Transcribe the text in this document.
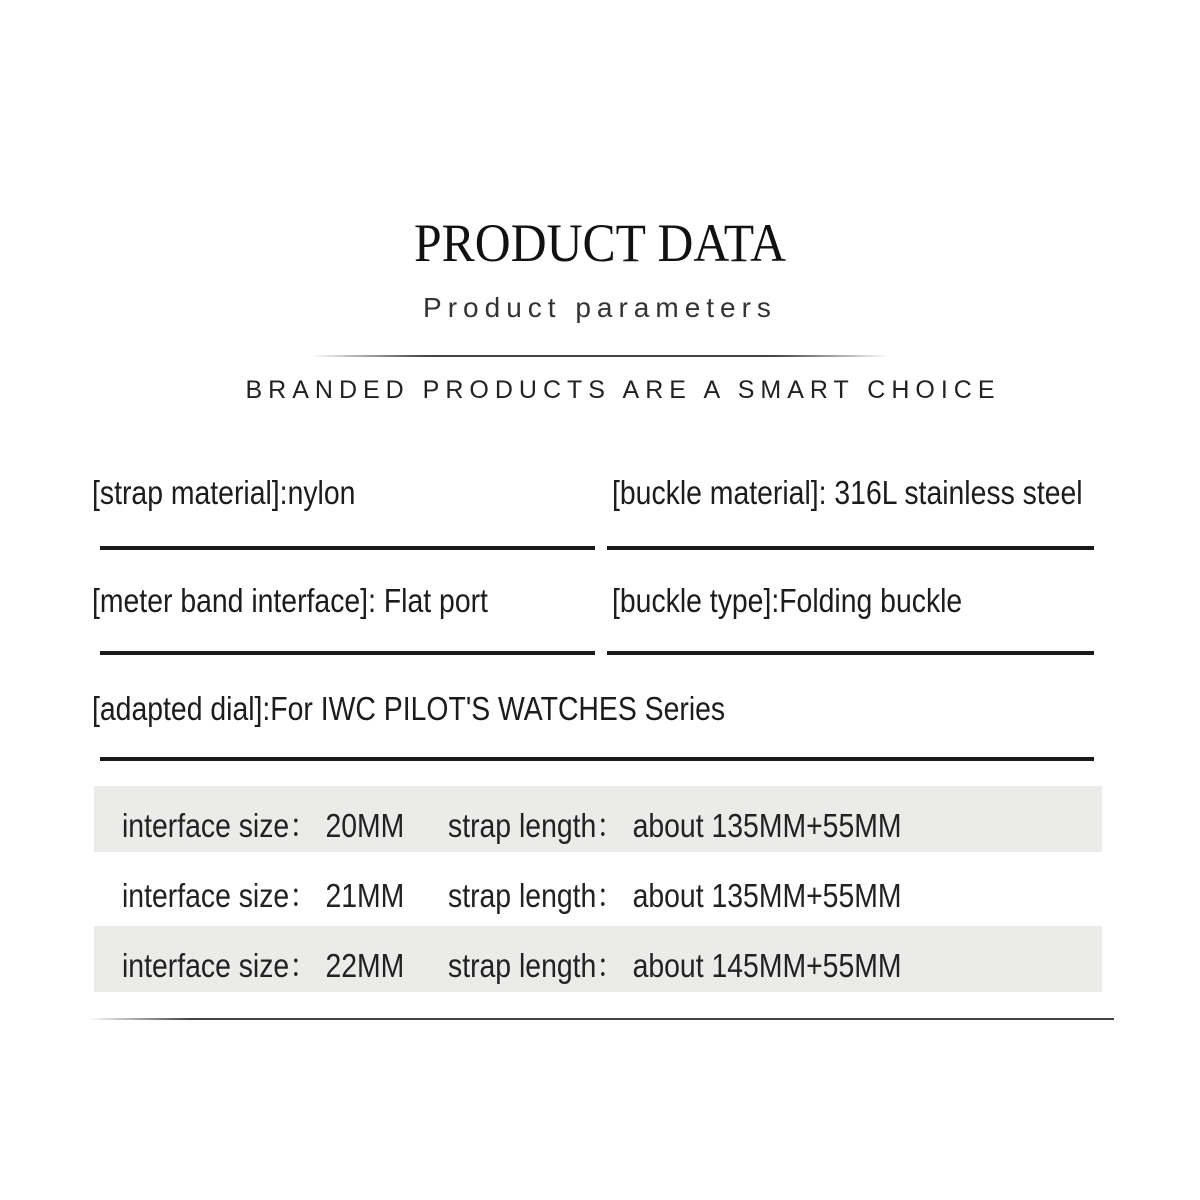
PRODUCT DATA
Product parameters
BRANDED PRODUCTS ARE A SMART CHOICE
[strap material]:nylon	[buckle material]: 316L stainless steel
[meter band interface]: Flat port	[buckle type]:Folding buckle
[adapted dial]:For IWC PILOT'S WATCHES Series
interface size： 20MM strap length： about 135MM+55MM
interface size： 21MM strap length： about 135MM+55MM
interface size： 22MM strap length： about 145MM+55MM
